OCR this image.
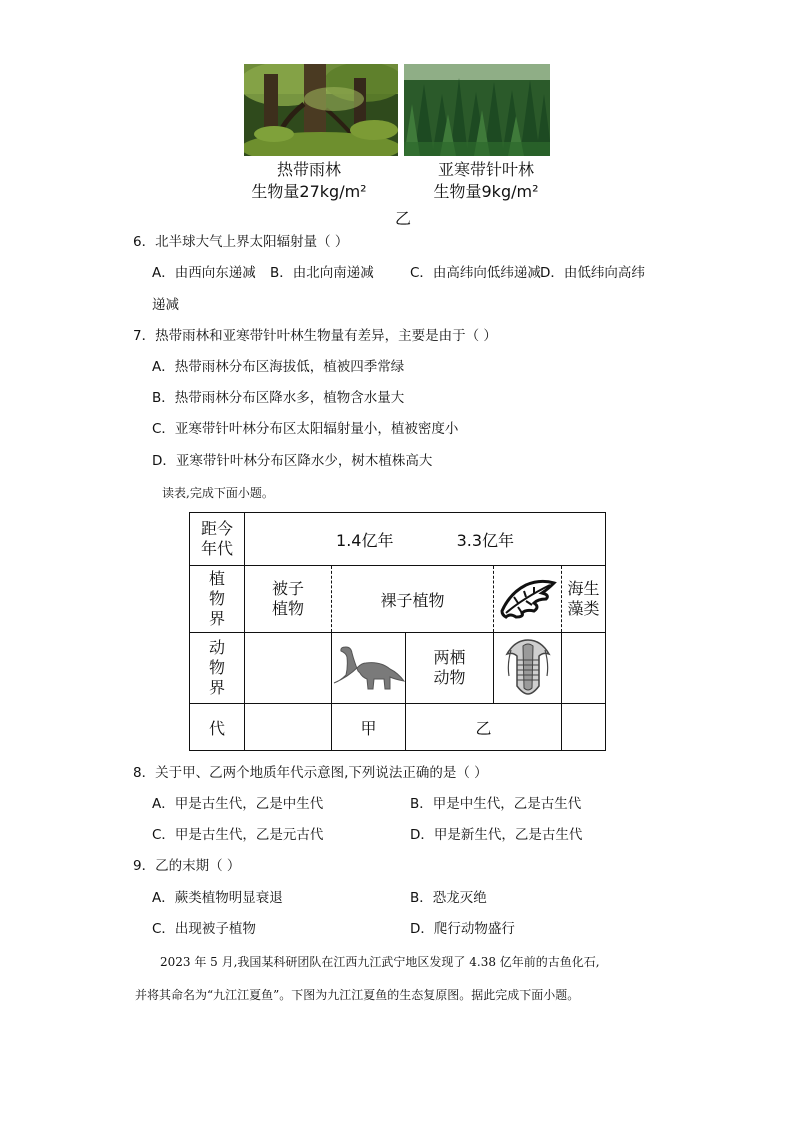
热带雨林
生物量27kg/m²
亚寒带针叶林
生物量9kg/m²
乙
6．北半球大气上界太阳辐射量（ ）
A．由西向东递减 B．由北向南递减	C．由高纬向低纬递减 D．由低纬向高纬
递减
7．热带雨林和亚寒带针叶林生物量有差异，主要是由于（ ）
A．热带雨林分布区海拔低，植被四季常绿
B．热带雨林分布区降水多，植物含水量大
C．亚寒带针叶林分布区太阳辐射量小，植被密度小
D．亚寒带针叶林分布区降水少，树木植株高大
读表,完成下面小题。
距今年代	1.4亿年 3.3亿年				
植物界	被子植物	裸子植物			海生藻类
动物界			两栖动物		
代		甲	乙		
8．关于甲、乙两个地质年代示意图,下列说法正确的是（ ）
A．甲是古生代，乙是中生代	B．甲是中生代，乙是古生代
C．甲是古生代，乙是元古代	D．甲是新生代，乙是古生代
9．乙的末期（ ）
A．蕨类植物明显衰退	B．恐龙灭绝
C．出现被子植物	D．爬行动物盛行
2023 年 5 月,我国某科研团队在江西九江武宁地区发现了 4.38 亿年前的古鱼化石,
并将其命名为“九江江夏鱼”。下图为九江江夏鱼的生态复原图。据此完成下面小题。
